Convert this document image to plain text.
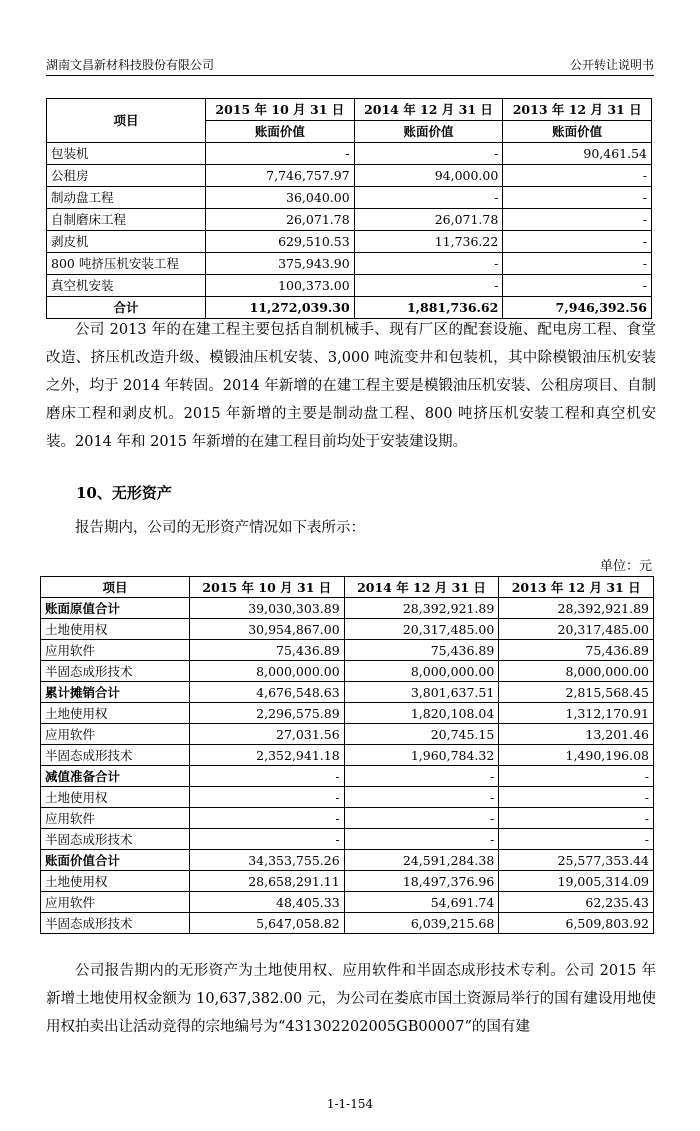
湖南文昌新材科技股份有限公司	公开转让说明书
项目	2015 年 10 月 31 日	2014 年 12 月 31 日	2013 年 12 月 31 日
	账面价值	账面价值	账面价值
包装机	-	-	90,461.54
公租房	7,746,757.97	94,000.00	-
制动盘工程	36,040.00	-	-
自制磨床工程	26,071.78	26,071.78	-
剥皮机	629,510.53	11,736.22	-
800 吨挤压机安装工程	375,943.90	-	-
真空机安装	100,373.00	-	-
合计	11,272,039.30	1,881,736.62	7,946,392.56
公司 2013 年的在建工程主要包括自制机械手、现有厂区的配套设施、配电房工程、食堂改造、挤压机改造升级、模锻油压机安装、3,000 吨流变井和包装机，其中除模锻油压机安装之外，均于 2014 年转固。2014 年新增的在建工程主要是模锻油压机安装、公租房项目、自制磨床工程和剥皮机。2015 年新增的主要是制动盘工程、800 吨挤压机安装工程和真空机安装。2014 年和 2015 年新增的在建工程目前均处于安装建设期。
10、无形资产
报告期内，公司的无形资产情况如下表所示：
单位：元
项目	2015 年 10 月 31 日	2014 年 12 月 31 日	2013 年 12 月 31 日
账面原值合计	39,030,303.89	28,392,921.89	28,392,921.89
土地使用权	30,954,867.00	20,317,485.00	20,317,485.00
应用软件	75,436.89	75,436.89	75,436.89
半固态成形技术	8,000,000.00	8,000,000.00	8,000,000.00
累计摊销合计	4,676,548.63	3,801,637.51	2,815,568.45
土地使用权	2,296,575.89	1,820,108.04	1,312,170.91
应用软件	27,031.56	20,745.15	13,201.46
半固态成形技术	2,352,941.18	1,960,784.32	1,490,196.08
减值准备合计	-	-	-
土地使用权	-	-	-
应用软件	-	-	-
半固态成形技术	-	-	-
账面价值合计	34,353,755.26	24,591,284.38	25,577,353.44
土地使用权	28,658,291.11	18,497,376.96	19,005,314.09
应用软件	48,405.33	54,691.74	62,235.43
半固态成形技术	5,647,058.82	6,039,215.68	6,509,803.92
公司报告期内的无形资产为土地使用权、应用软件和半固态成形技术专利。公司 2015 年新增土地使用权金额为 10,637,382.00 元，为公司在娄底市国土资源局举行的国有建设用地使用权拍卖出让活动竞得的宗地编号为“431302202005GB00007”的国有建
1-1-154
